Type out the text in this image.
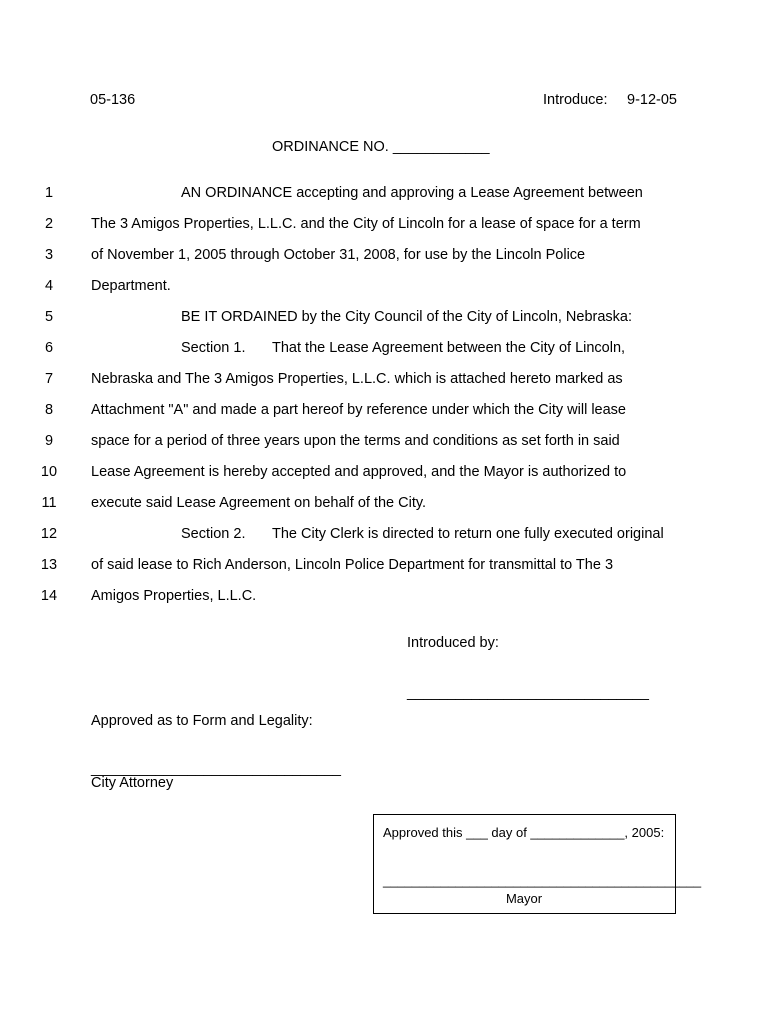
05-136	Introduce: 9-12-05
ORDINANCE NO. ____________
1	AN ORDINANCE accepting and approving a Lease Agreement between
2	The 3 Amigos Properties, L.L.C. and the City of Lincoln for a lease of space for a term
3	of November 1, 2005 through October 31, 2008, for use by the Lincoln Police
4	Department.
5	BE IT ORDAINED by the City Council of the City of Lincoln, Nebraska:
6	Section 1. That the Lease Agreement between the City of Lincoln,
7	Nebraska and The 3 Amigos Properties, L.L.C. which is attached hereto marked as
8	Attachment "A" and made a part hereof by reference under which the City will lease
9	space for a period of three years upon the terms and conditions as set forth in said
10	Lease Agreement is hereby accepted and approved, and the Mayor is authorized to
11	execute said Lease Agreement on behalf of the City.
12	Section 2. The City Clerk is directed to return one fully executed original
13	of said lease to Rich Anderson, Lincoln Police Department for transmittal to The 3
14	Amigos Properties, L.L.C.
Introduced by:
______________________________
Approved as to Form and Legality:
_______________________________
City Attorney
Approved this ___ day of _____________, 2005:
____________________________________________
Mayor
